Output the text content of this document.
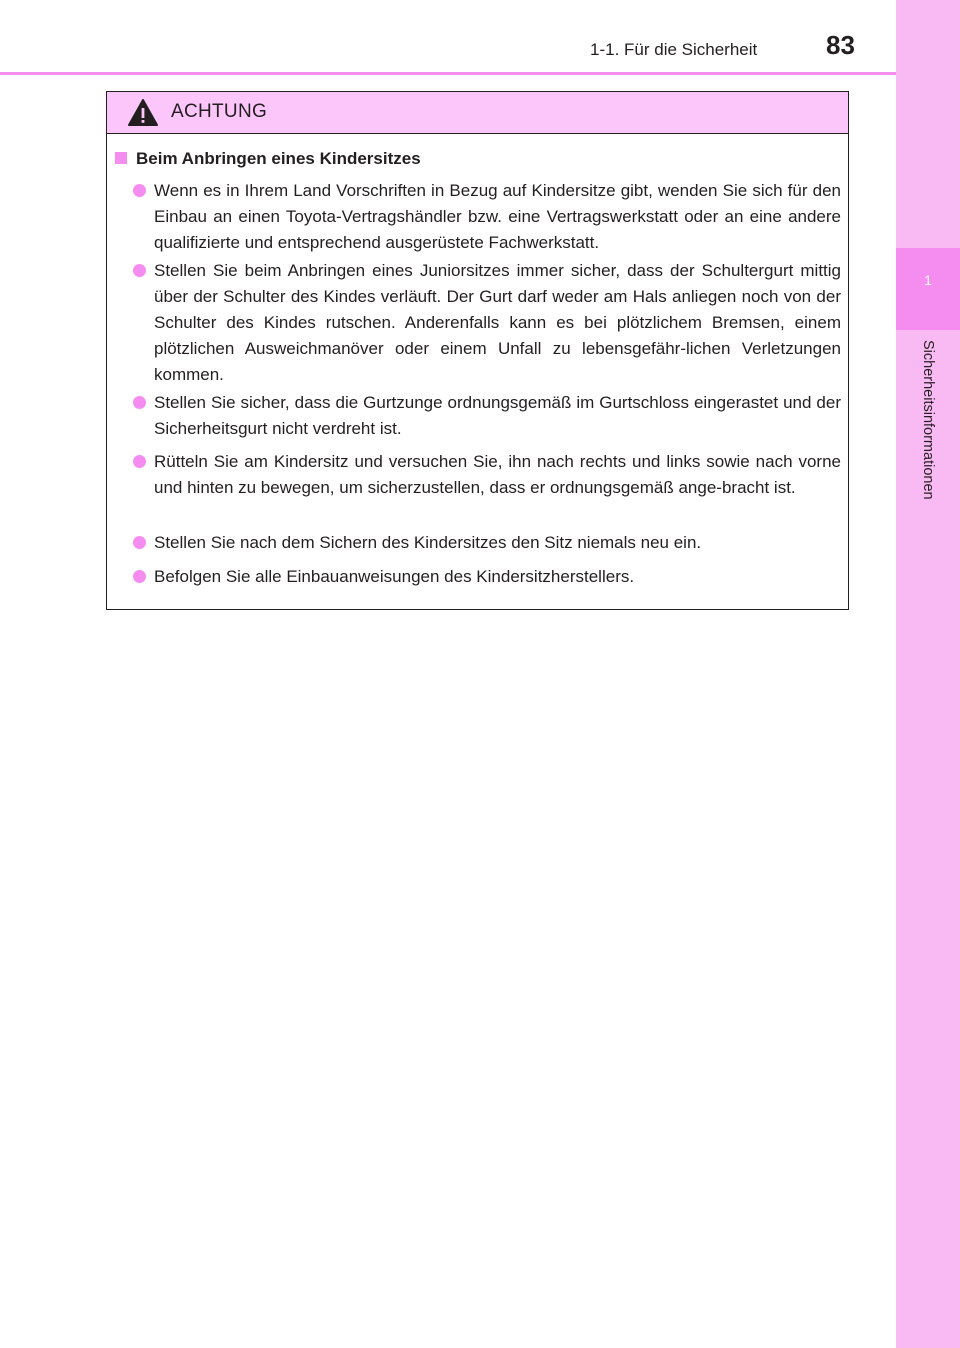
1
Sicherheitsinformationen
1-1. Für die Sicherheit	83
ACHTUNG
Beim Anbringen eines Kindersitzes
Wenn es in Ihrem Land Vorschriften in Bezug auf Kindersitze gibt, wenden Sie sich für den Einbau an einen Toyota-Vertragshändler bzw. eine Vertragswerkstatt oder an eine andere qualifizierte und entsprechend ausgerüstete Fachwerkstatt.
Stellen Sie beim Anbringen eines Juniorsitzes immer sicher, dass der Schultergurt mittig über der Schulter des Kindes verläuft. Der Gurt darf weder am Hals anliegen noch von der Schulter des Kindes rutschen. Anderenfalls kann es bei plötzlichem Bremsen, einem plötzlichen Ausweichmanöver oder einem Unfall zu lebensgefähr-lichen Verletzungen kommen.
Stellen Sie sicher, dass die Gurtzunge ordnungsgemäß im Gurtschloss eingerastet und der Sicherheitsgurt nicht verdreht ist.
Rütteln Sie am Kindersitz und versuchen Sie, ihn nach rechts und links sowie nach vorne und hinten zu bewegen, um sicherzustellen, dass er ordnungsgemäß ange-bracht ist.
Stellen Sie nach dem Sichern des Kindersitzes den Sitz niemals neu ein.
Befolgen Sie alle Einbauanweisungen des Kindersitzherstellers.
